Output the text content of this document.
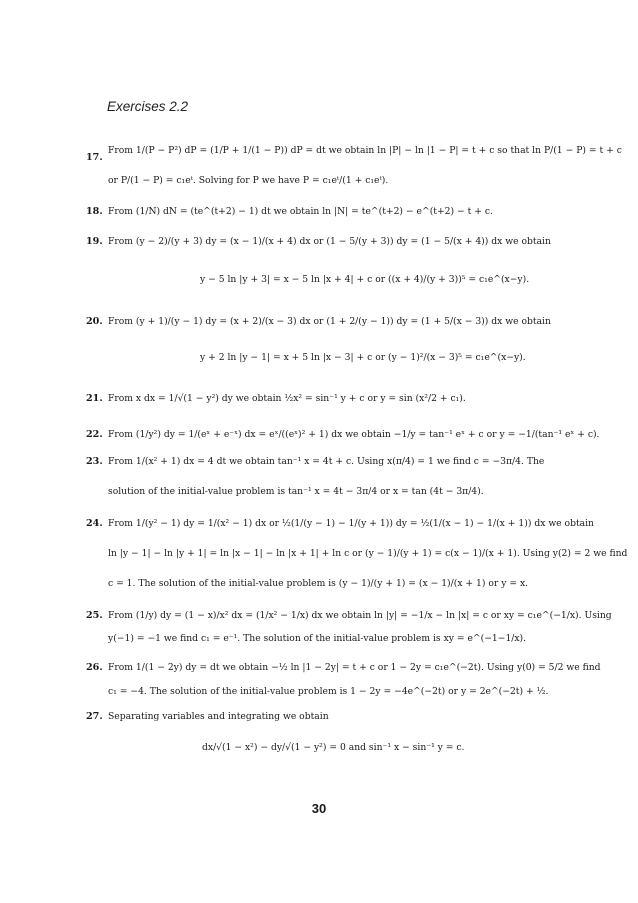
Exercises 2.2
17.
From 1/(P − P²) dP = (1/P + 1/(1 − P)) dP = dt we obtain ln |P| − ln |1 − P| = t + c so that ln P/(1 − P) = t + c
or P/(1 − P) = c₁eᵗ. Solving for P we have P = c₁eᵗ/(1 + c₁eᵗ).
18. From (1/N) dN = (te^(t+2) − 1) dt we obtain ln |N| = te^(t+2) − e^(t+2) − t + c.
19. From (y − 2)/(y + 3) dy = (x − 1)/(x + 4) dx or (1 − 5/(y + 3)) dy = (1 − 5/(x + 4)) dx we obtain
y − 5 ln |y + 3| = x − 5 ln |x + 4| + c or ((x + 4)/(y + 3))⁵ = c₁e^(x−y).
20. From (y + 1)/(y − 1) dy = (x + 2)/(x − 3) dx or (1 + 2/(y − 1)) dy = (1 + 5/(x − 3)) dx we obtain
y + 2 ln |y − 1| = x + 5 ln |x − 3| + c or (y − 1)²/(x − 3)⁵ = c₁e^(x−y).
21. From x dx = 1/√(1 − y²) dy we obtain ½x² = sin⁻¹ y + c or y = sin (x²/2 + c₁).
22. From (1/y²) dy = 1/(eˣ + e⁻ˣ) dx = eˣ/((eˣ)² + 1) dx we obtain −1/y = tan⁻¹ eˣ + c or y = −1/(tan⁻¹ eˣ + c).
23. From 1/(x² + 1) dx = 4 dt we obtain tan⁻¹ x = 4t + c. Using x(π/4) = 1 we find c = −3π/4. The
solution of the initial-value problem is tan⁻¹ x = 4t − 3π/4 or x = tan (4t − 3π/4).
24. From 1/(y² − 1) dy = 1/(x² − 1) dx or ½(1/(y − 1) − 1/(y + 1)) dy = ½(1/(x − 1) − 1/(x + 1)) dx we obtain
ln |y − 1| − ln |y + 1| = ln |x − 1| − ln |x + 1| + ln c or (y − 1)/(y + 1) = c(x − 1)/(x + 1). Using y(2) = 2 we find
c = 1. The solution of the initial-value problem is (y − 1)/(y + 1) = (x − 1)/(x + 1) or y = x.
25. From (1/y) dy = (1 − x)/x² dx = (1/x² − 1/x) dx we obtain ln |y| = −1/x − ln |x| = c or xy = c₁e^(−1/x). Using
y(−1) = −1 we find c₁ = e⁻¹. The solution of the initial-value problem is xy = e^(−1−1/x).
26. From 1/(1 − 2y) dy = dt we obtain −½ ln |1 − 2y| = t + c or 1 − 2y = c₁e^(−2t). Using y(0) = 5/2 we find
c₁ = −4. The solution of the initial-value problem is 1 − 2y = −4e^(−2t) or y = 2e^(−2t) + ½.
27. Separating variables and integrating we obtain
dx/√(1 − x²) − dy/√(1 − y²) = 0 and sin⁻¹ x − sin⁻¹ y = c.
30
